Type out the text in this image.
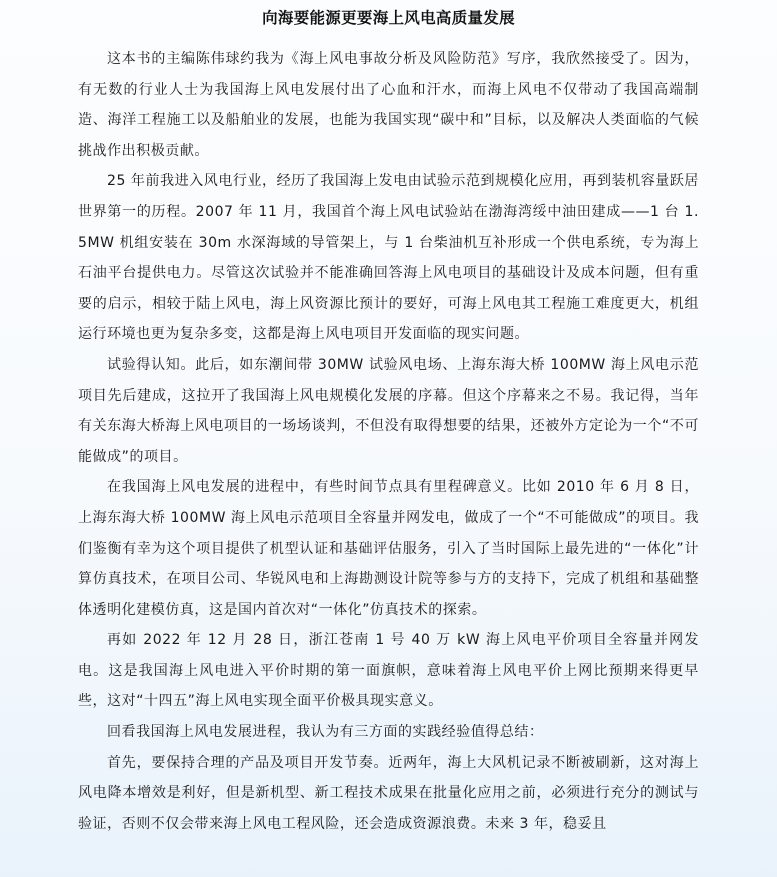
向海要能源更要海上风电高质量发展

这本书的主编陈伟球约我为《海上风电事故分析及风险防范》写序，我欣然接受了。因为，有无数的行业人士为我国海上风电发展付出了心血和汗水，而海上风电不仅带动了我国高端制造、海洋工程施工以及船舶业的发展，也能为我国实现“碳中和”目标，以及解决人类面临的气候挑战作出积极贡献。

25 年前我进入风电行业，经历了我国海上发电由试验示范到规模化应用，再到装机容量跃居世界第一的历程。2007 年 11 月，我国首个海上风电试验站在渤海湾绥中油田建成——1 台 1.5MW 机组安装在 30m 水深海域的导管架上，与 1 台柴油机互补形成一个供电系统，专为海上石油平台提供电力。尽管这次试验并不能准确回答海上风电项目的基础设计及成本问题，但有重要的启示，相较于陆上风电，海上风资源比预计的要好，可海上风电其工程施工难度更大，机组运行环境也更为复杂多变，这都是海上风电项目开发面临的现实问题。

试验得认知。此后，如东潮间带 30MW 试验风电场、上海东海大桥 100MW 海上风电示范项目先后建成，这拉开了我国海上风电规模化发展的序幕。但这个序幕来之不易。我记得，当年有关东海大桥海上风电项目的一场场谈判，不但没有取得想要的结果，还被外方定论为一个“不可能做成”的项目。

在我国海上风电发展的进程中，有些时间节点具有里程碑意义。比如 2010 年 6 月 8 日，上海东海大桥 100MW 海上风电示范项目全容量并网发电，做成了一个“不可能做成”的项目。我们鉴衡有幸为这个项目提供了机型认证和基础评估服务，引入了当时国际上最先进的“一体化”计算仿真技术，在项目公司、华锐风电和上海勘测设计院等参与方的支持下，完成了机组和基础整体透明化建模仿真，这是国内首次对“一体化”仿真技术的探索。

再如 2022 年 12 月 28 日，浙江苍南 1 号 40 万 kW 海上风电平价项目全容量并网发电。这是我国海上风电进入平价时期的第一面旗帜，意味着海上风电平价上网比预期来得更早些，这对“十四五”海上风电实现全面平价极具现实意义。

回看我国海上风电发展进程，我认为有三方面的实践经验值得总结：

首先，要保持合理的产品及项目开发节奏。近两年，海上大风机记录不断被刷新，这对海上风电降本增效是利好，但是新机型、新工程技术成果在批量化应用之前，必须进行充分的测试与验证，否则不仅会带来海上风电工程风险，还会造成资源浪费。未来 3 年，稳妥且
